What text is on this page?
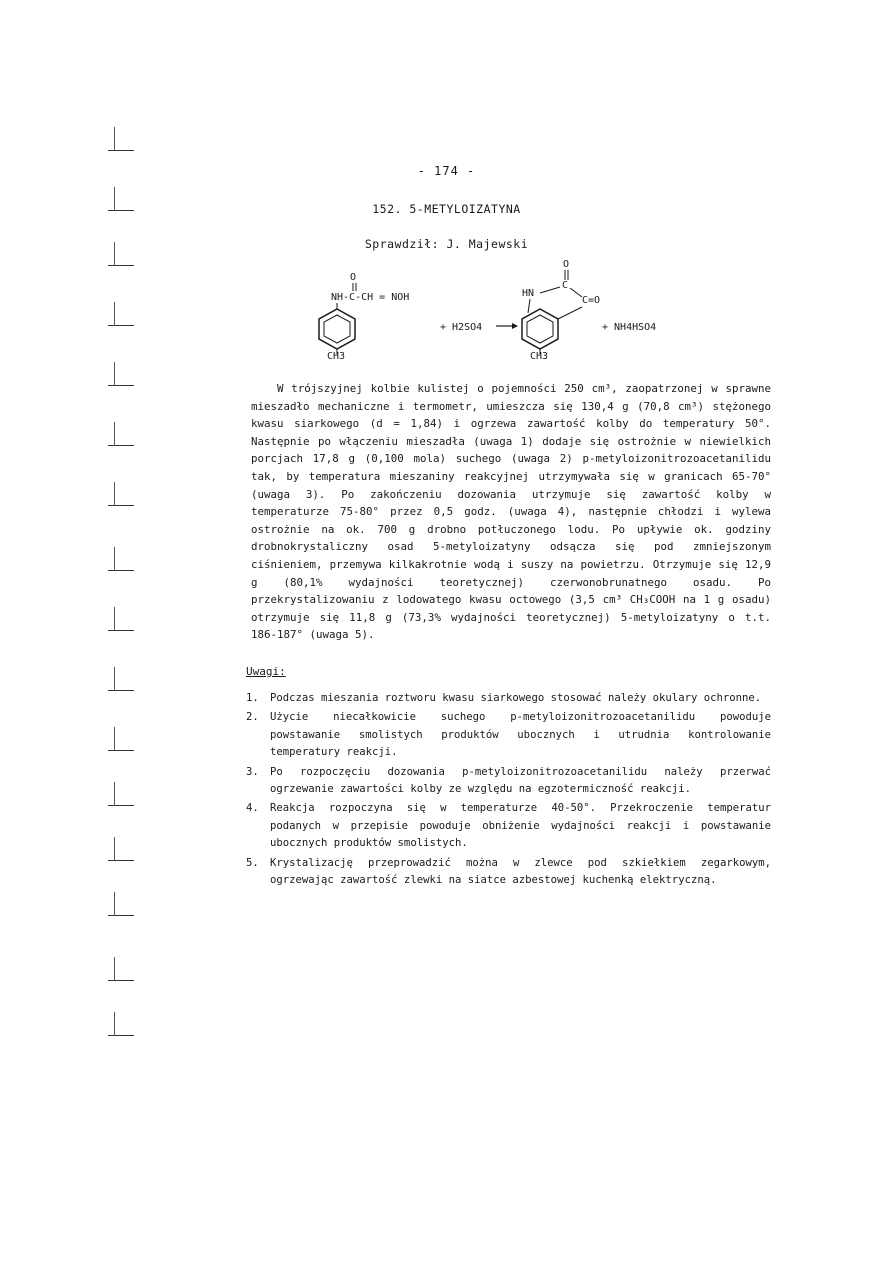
- 174 -
152. 5-METYLOIZATYNA
Sprawdził: J. Majewski
O
NH-C-CH = NOH
CH3
+ H2SO4
O
C
HN
C=O
CH3
+ NH4HSO4

W trójszyjnej kolbie kulistej o pojemności 250 cm³, zaopatrzonej w sprawne mieszadło mechaniczne i termometr, umieszcza się 130,4 g (70,8 cm³) stężonego kwasu siarkowego (d = 1,84) i ogrzewa zawartość kolby do temperatury 50°. Następnie po włączeniu mieszadła (uwaga 1) dodaje się ostrożnie w niewielkich porcjach 17,8 g (0,100 mola) suchego (uwaga 2) p-metyloizonitrozoacetanilidu tak, by temperatura mieszaniny reakcyjnej utrzymywała się w granicach 65-70° (uwaga 3). Po zakończeniu dozowania utrzymuje się zawartość kolby w temperaturze 75-80° przez 0,5 godz. (uwaga 4), następnie chłodzi i wylewa ostrożnie na ok. 700 g drobno potłuczonego lodu. Po upływie ok. godziny drobnokrystaliczny osad 5-metyloizatyny odsącza się pod zmniejszonym ciśnieniem, przemywa kilkakrotnie wodą i suszy na powietrzu. Otrzymuje się 12,9 g (80,1% wydajności teoretycznej) czerwonobrunatnego osadu. Po przekrystalizowaniu z lodowatego kwasu octowego (3,5 cm³ CH₃COOH na 1 g osadu) otrzymuje się 11,8 g (73,3% wydajności teoretycznej) 5-metyloizatyny o t.t. 186-187° (uwaga 5).

Uwagi:
1. Podczas mieszania roztworu kwasu siarkowego stosować należy okulary ochronne.
2. Użycie niecałkowicie suchego p-metyloizonitrozoacetanilidu powoduje powstawanie smolistych produktów ubocznych i utrudnia kontrolowanie temperatury reakcji.
3. Po rozpoczęciu dozowania p-metyloizonitrozoacetanilidu należy przerwać ogrzewanie zawartości kolby ze względu na egzotermiczność reakcji.
4. Reakcja rozpoczyna się w temperaturze 40-50°. Przekroczenie temperatur podanych w przepisie powoduje obniżenie wydajności reakcji i powstawanie ubocznych produktów smolistych.
5. Krystalizację przeprowadzić można w zlewce pod szkiełkiem zegarkowym, ogrzewając zawartość zlewki na siatce azbestowej kuchenką elektryczną.
